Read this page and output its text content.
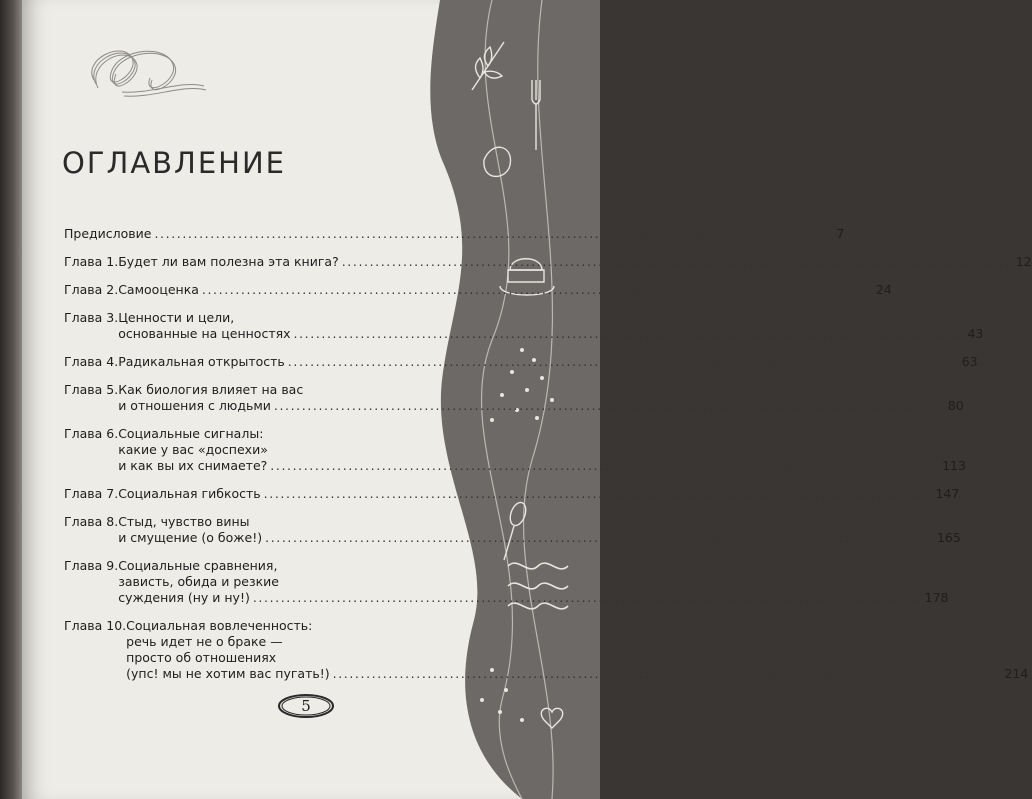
ОГЛАВЛЕНИЕ
Предисловие .....	7
Глава 1. Будет ли вам полезна эта книга? .....	12
Глава 2. Самооценка .....	24
Глава 3. Ценности и цели,
основанные на ценностях .....	43
Глава 4. Радикальная открытость .....	63
Глава 5. Как биология влияет на вас
и отношения с людьми .....	80
Глава 6. Социальные сигналы:
какие у вас «доспехи»
и как вы их снимаете? .....	113
Глава 7. Социальная гибкость .....	147
Глава 8. Стыд, чувство вины
и смущение (о боже!) .....	165
Глава 9. Социальные сравнения,
зависть, обида и резкие
суждения (ну и ну!) .....	178
Глава 10. Социальная вовлеченность:
речь идет не о браке —
просто об отношениях
(упс! мы не хотим вас пугать!) .....	214
5
